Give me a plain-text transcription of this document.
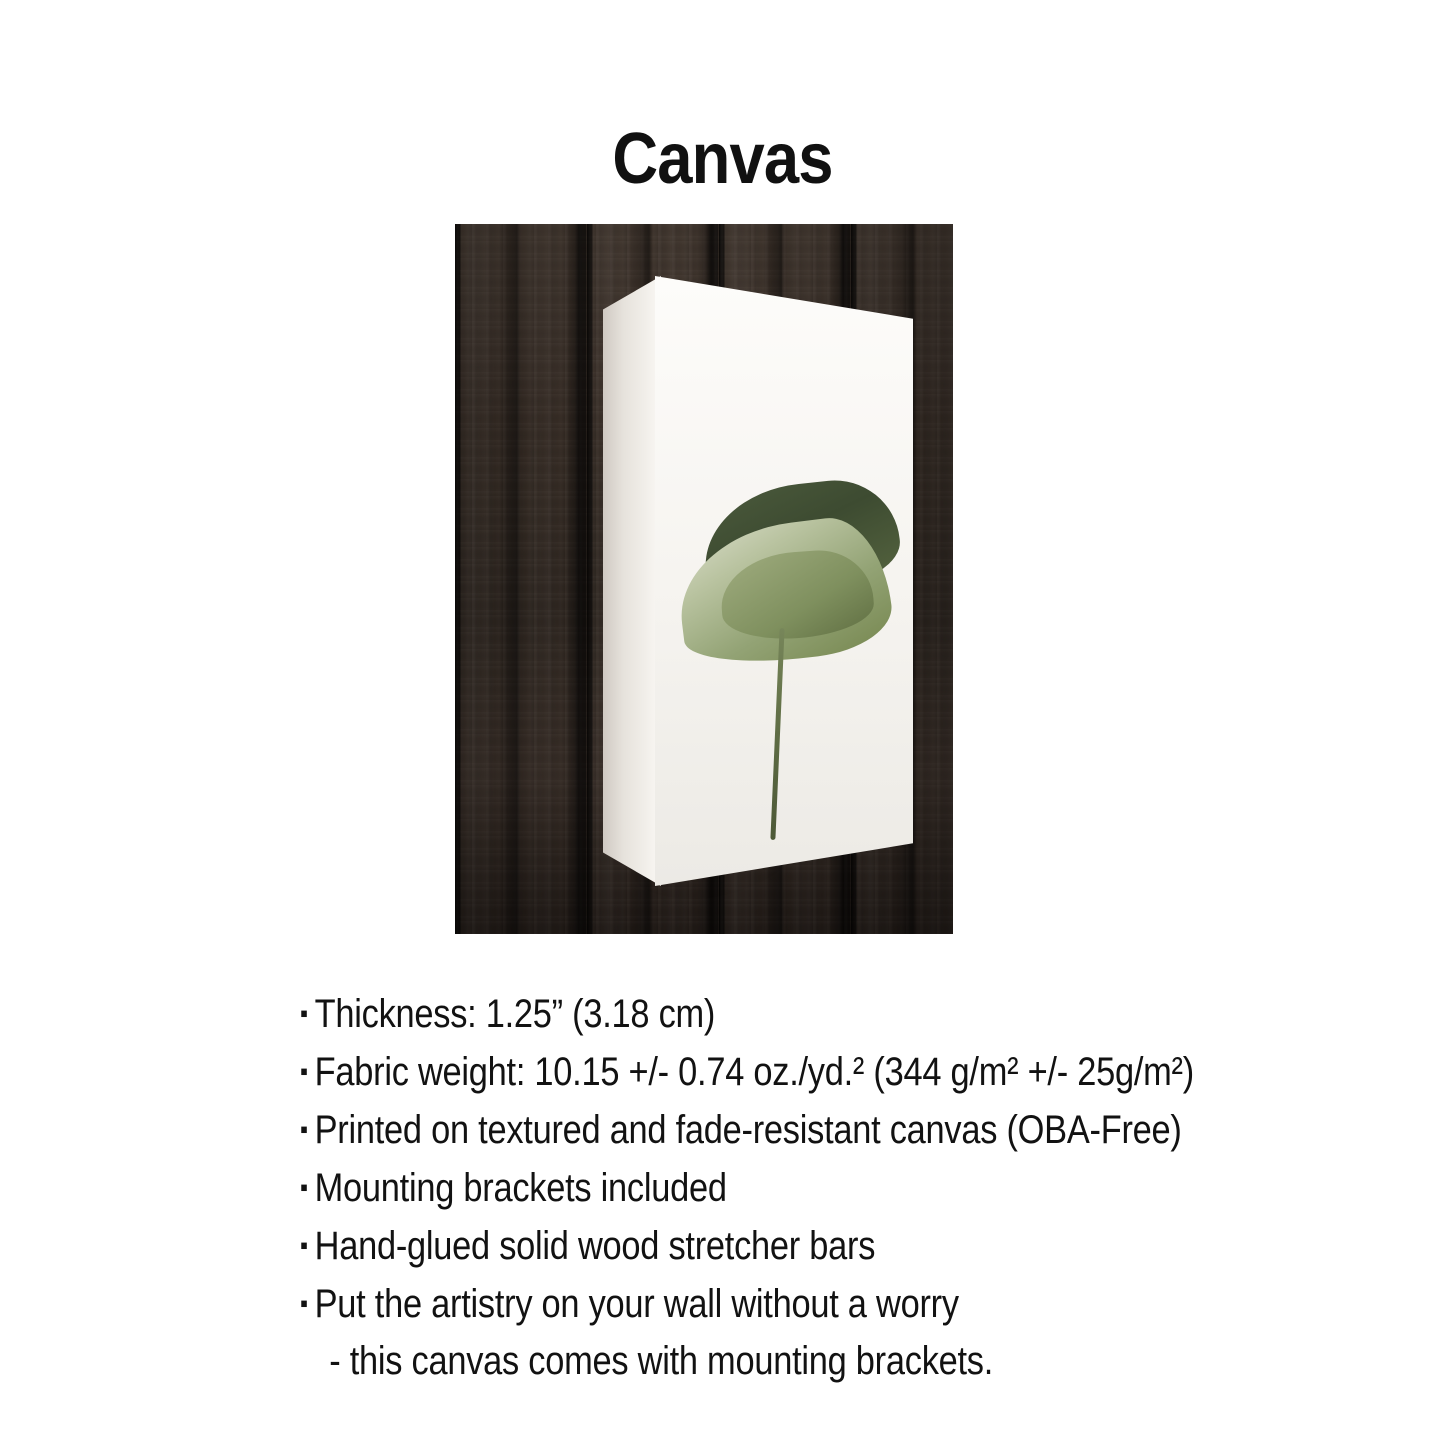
Canvas
▪ Thickness: 1.25” (3.18 cm)
▪ Fabric weight: 10.15 +/- 0.74 oz./yd.² (344 g/m² +/- 25g/m²)
▪ Printed on textured and fade-resistant canvas (OBA-Free)
▪ Mounting brackets included
▪ Hand-glued solid wood stretcher bars
▪ Put the artistry on your wall without a worry
- this canvas comes with mounting brackets.
